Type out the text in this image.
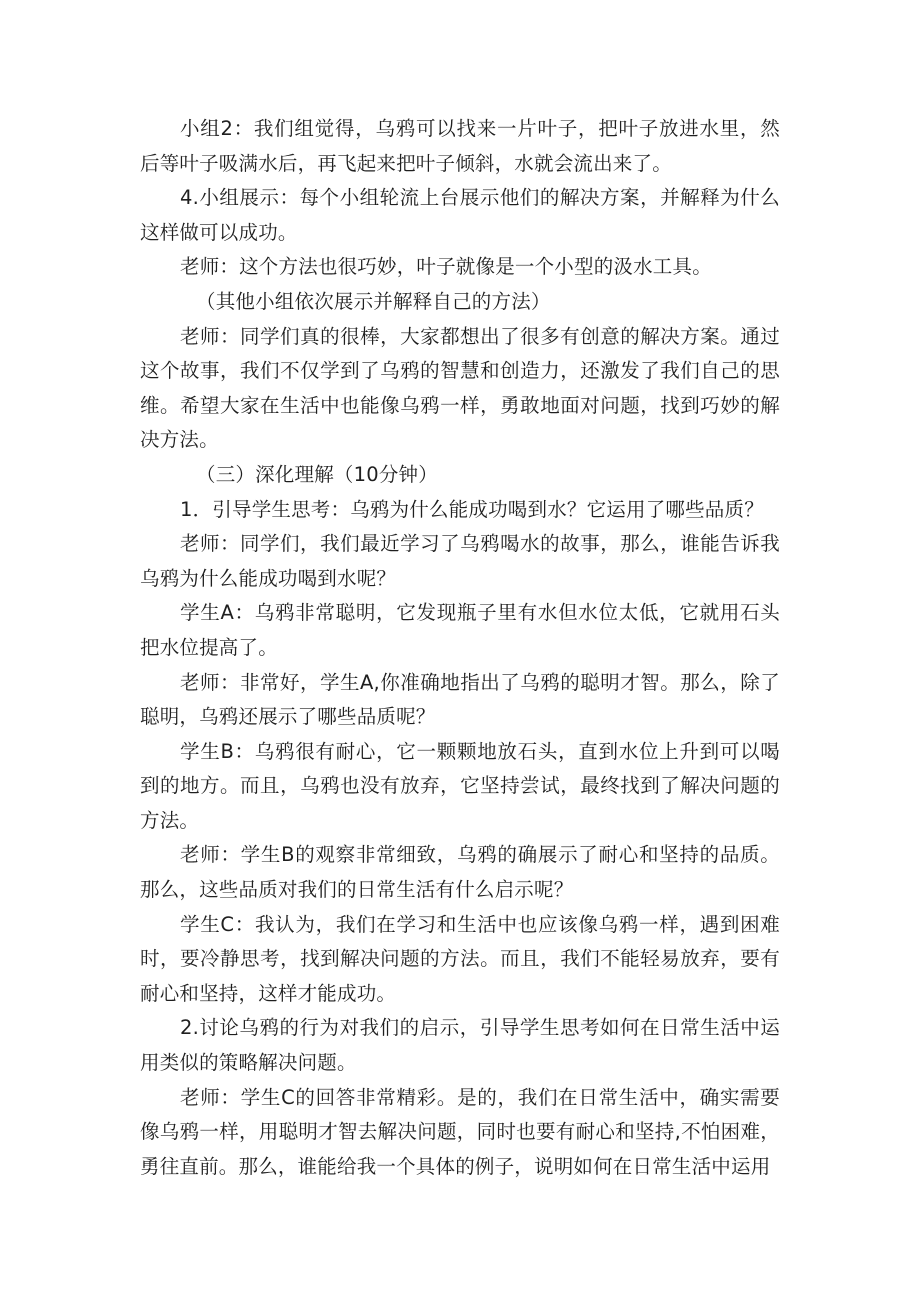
小组2：我们组觉得，乌鸦可以找来一片叶子，把叶子放进水里，然后等叶子吸满水后，再飞起来把叶子倾斜，水就会流出来了。

4.小组展示：每个小组轮流上台展示他们的解决方案，并解释为什么这样做可以成功。

老师：这个方法也很巧妙，叶子就像是一个小型的汲水工具。

（其他小组依次展示并解释自己的方法）

老师：同学们真的很棒，大家都想出了很多有创意的解决方案。通过这个故事，我们不仅学到了乌鸦的智慧和创造力，还激发了我们自己的思维。希望大家在生活中也能像乌鸦一样，勇敢地面对问题，找到巧妙的解决方法。

（三）深化理解（10分钟）

1．引导学生思考：乌鸦为什么能成功喝到水？它运用了哪些品质？

老师：同学们，我们最近学习了乌鸦喝水的故事，那么，谁能告诉我乌鸦为什么能成功喝到水呢？

学生A：乌鸦非常聪明，它发现瓶子里有水但水位太低，它就用石头把水位提高了。

老师：非常好，学生A,你准确地指出了乌鸦的聪明才智。那么，除了聪明，乌鸦还展示了哪些品质呢？

学生B：乌鸦很有耐心，它一颗颗地放石头，直到水位上升到可以喝到的地方。而且，乌鸦也没有放弃，它坚持尝试，最终找到了解决问题的方法。

老师：学生B的观察非常细致，乌鸦的确展示了耐心和坚持的品质。那么，这些品质对我们的日常生活有什么启示呢？

学生C：我认为，我们在学习和生活中也应该像乌鸦一样，遇到困难时，要冷静思考，找到解决问题的方法。而且，我们不能轻易放弃，要有耐心和坚持，这样才能成功。

2.讨论乌鸦的行为对我们的启示，引导学生思考如何在日常生活中运用类似的策略解决问题。

老师：学生C的回答非常精彩。是的，我们在日常生活中，确实需要像乌鸦一样，用聪明才智去解决问题，同时也要有耐心和坚持,不怕困难，勇往直前。那么，谁能给我一个具体的例子，说明如何在日常生活中运用
